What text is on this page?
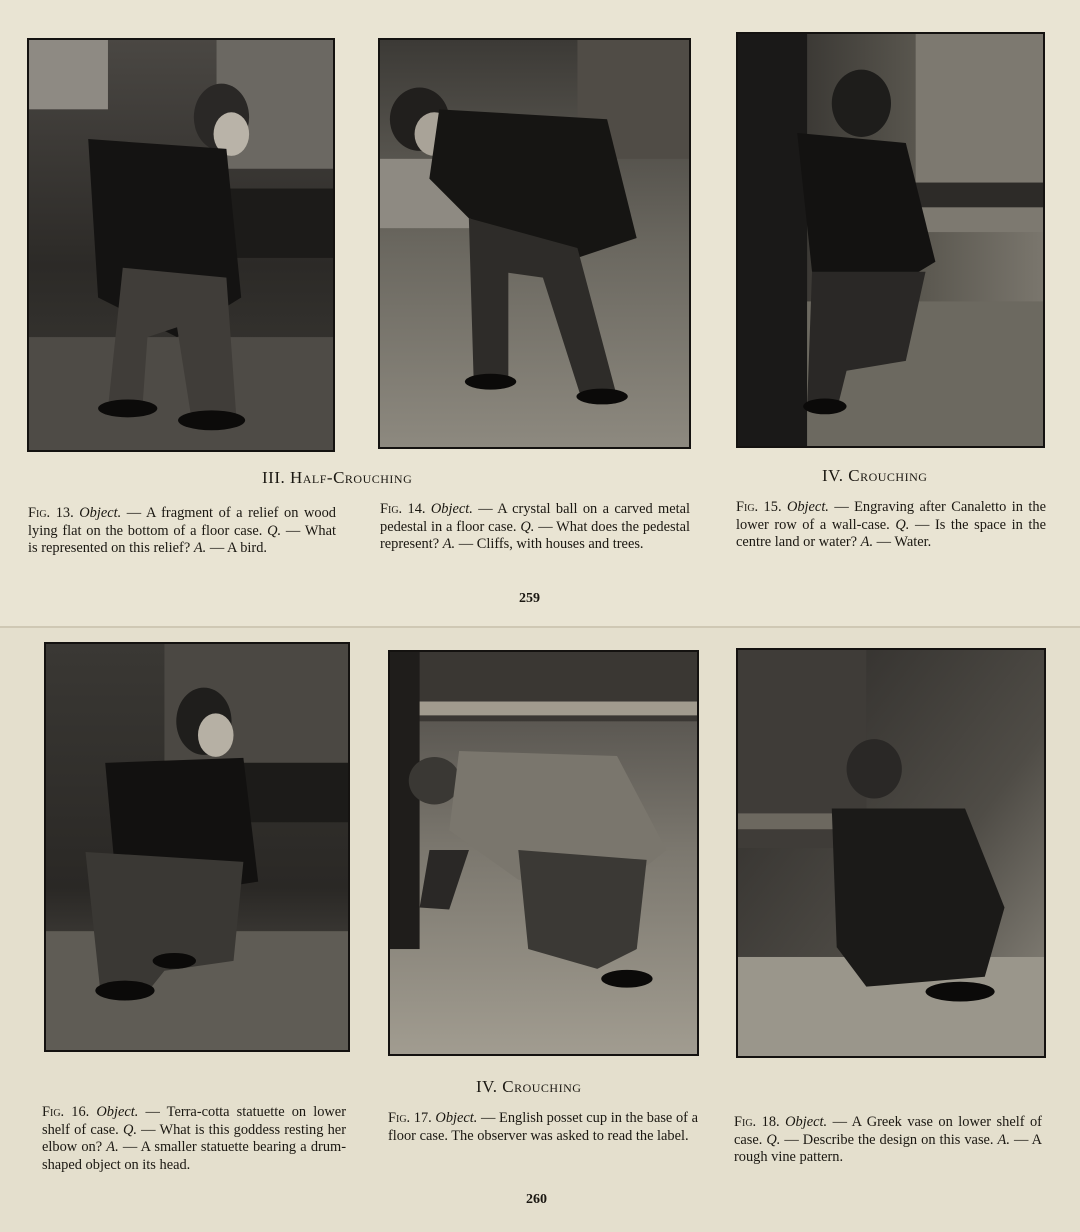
III. Half-Crouching	IV. Crouching
Fig. 13. Object. — A fragment of a relief on wood lying flat on the bottom of a floor case. Q. — What is represented on this relief? A. — A bird.
Fig. 14. Object. — A crystal ball on a carved metal pedestal in a floor case. Q. — What does the pedestal represent? A. — Cliffs, with houses and trees.
Fig. 15. Object. — Engraving after Canaletto in the lower row of a wall-case. Q. — Is the space in the centre land or water? A. — Water.
259
IV. Crouching
Fig. 16. Object. — Terra-cotta statuette on lower shelf of case. Q. — What is this goddess resting her elbow on? A. — A smaller statuette bearing a drum-shaped object on its head.
Fig. 17. Object. — English posset cup in the base of a floor case. The observer was asked to read the label.
Fig. 18. Object. — A Greek vase on lower shelf of case. Q. — Describe the design on this vase. A. — A rough vine pattern.
260
